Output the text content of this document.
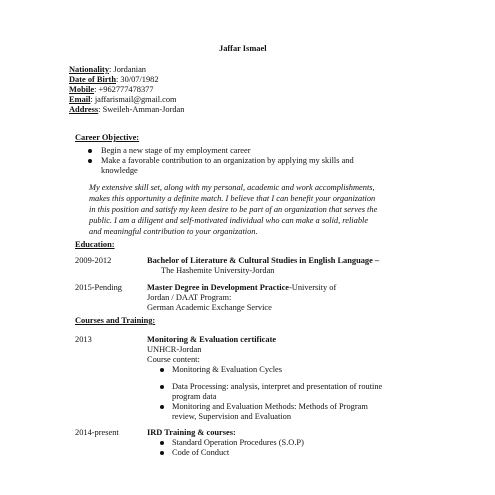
Jaffar Ismael
Nationality: Jordanian
Date of Birth: 30/07/1982
Mobile: +962777478377
Email: jaffarismail@gmail.com
Address: Sweileh-Amman-Jordan
Career Objective:
Begin a new stage of my employment career
Make a favorable contribution to an organization by applying my skills and
knowledge
My extensive skill set, along with my personal, academic and work accomplishments,
makes this opportunity a definite match. I believe that I can benefit your organization
in this position and satisfy my keen desire to be part of an organization that serves the
public. I am a diligent and self-motivated individual who can make a solid, reliable
and meaningful contribution to your organization.
Education:
2009-2012	Bachelor of Literature & Cultural Studies in English Language –
The Hashemite University-Jordan
2015-Pending	Master Degree in Development Practice-University of
Jordan / DAAT Program:
German Academic Exchange Service
Courses and Training:
2013	Monitoring & Evaluation certificate
UNHCR-Jordan
Course content:
Monitoring & Evaluation Cycles
Data Processing: analysis, interpret and presentation of routine
program data
Monitoring and Evaluation Methods: Methods of Program
review, Supervision and Evaluation
2014-present	IRD Training & courses:
Standard Operation Procedures (S.O.P)
Code of Conduct
